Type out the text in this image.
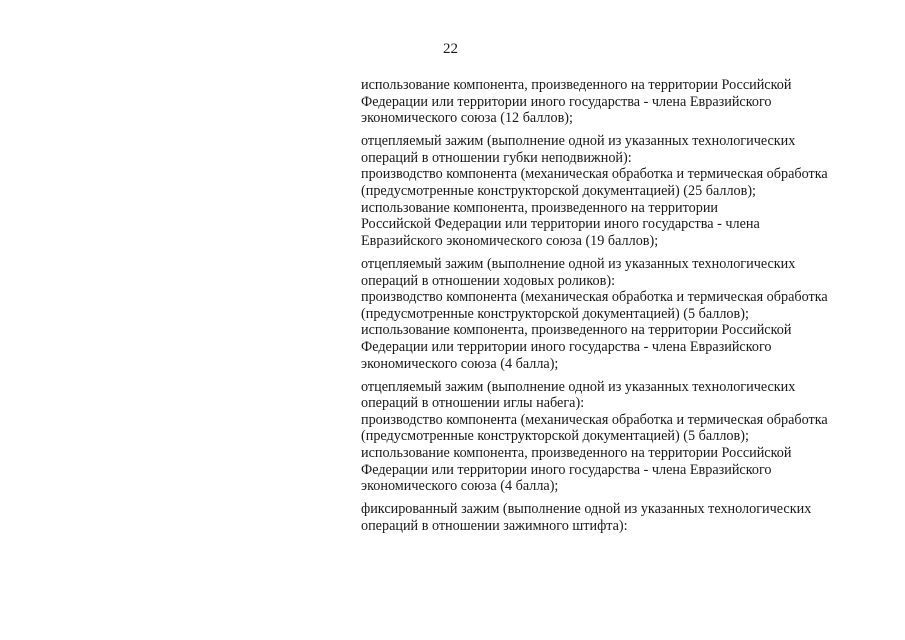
22

использование компонента, произведенного на территории Российской
Федерации или территории иного государства - члена Евразийского
экономического союза (12 баллов);

отцепляемый зажим (выполнение одной из указанных технологических
операций в отношении губки неподвижной):
производство компонента (механическая обработка и термическая обработка
(предусмотренные конструкторской документацией) (25 баллов);
использование компонента, произведенного на территории
Российской Федерации или территории иного государства - члена
Евразийского экономического союза (19 баллов);

отцепляемый зажим (выполнение одной из указанных технологических
операций в отношении ходовых роликов):
производство компонента (механическая обработка и термическая обработка
(предусмотренные конструкторской документацией) (5 баллов);
использование компонента, произведенного на территории Российской
Федерации или территории иного государства - члена Евразийского
экономического союза (4 балла);

отцепляемый зажим (выполнение одной из указанных технологических
операций в отношении иглы набега):
производство компонента (механическая обработка и термическая обработка
(предусмотренные конструкторской документацией) (5 баллов);
использование компонента, произведенного на территории Российской
Федерации или территории иного государства - члена Евразийского
экономического союза (4 балла);

фиксированный зажим (выполнение одной из указанных технологических
операций в отношении зажимного штифта):
